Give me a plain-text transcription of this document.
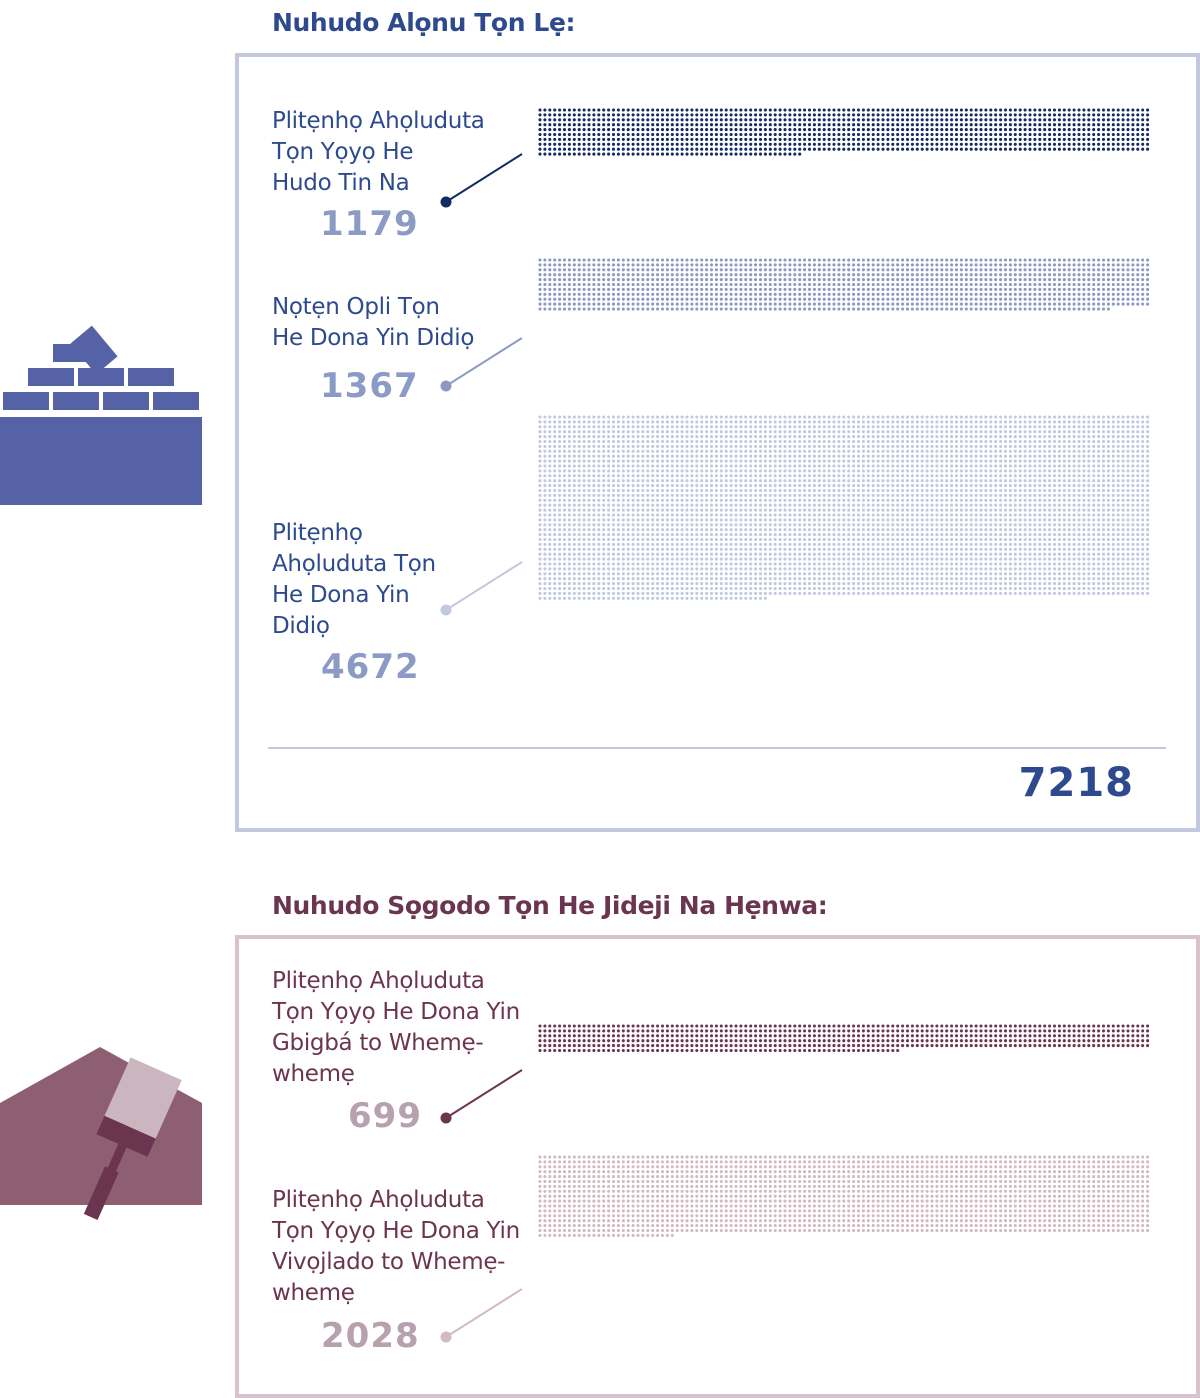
Nuhudo Alọnu Tọn Lẹ:

Plitẹnhọ Ahọluduta
Tọn Yọyọ He
Hudo Tin Na

1179

Nọtẹn Opli Tọn
He Dona Yin Didiọ

1367

Plitẹnhọ
Ahọluduta Tọn
He Dona Yin
Didiọ

4672

7218

Nuhudo Sọgodo Tọn He Jideji Na Hẹnwa:

Plitẹnhọ Ahọluduta
Tọn Yọyọ He Dona Yin
Gbigbá to Whemẹ-
whemẹ

699

Plitẹnhọ Ahọluduta
Tọn Yọyọ He Dona Yin
Vivọjlado to Whemẹ-
whemẹ

2028
